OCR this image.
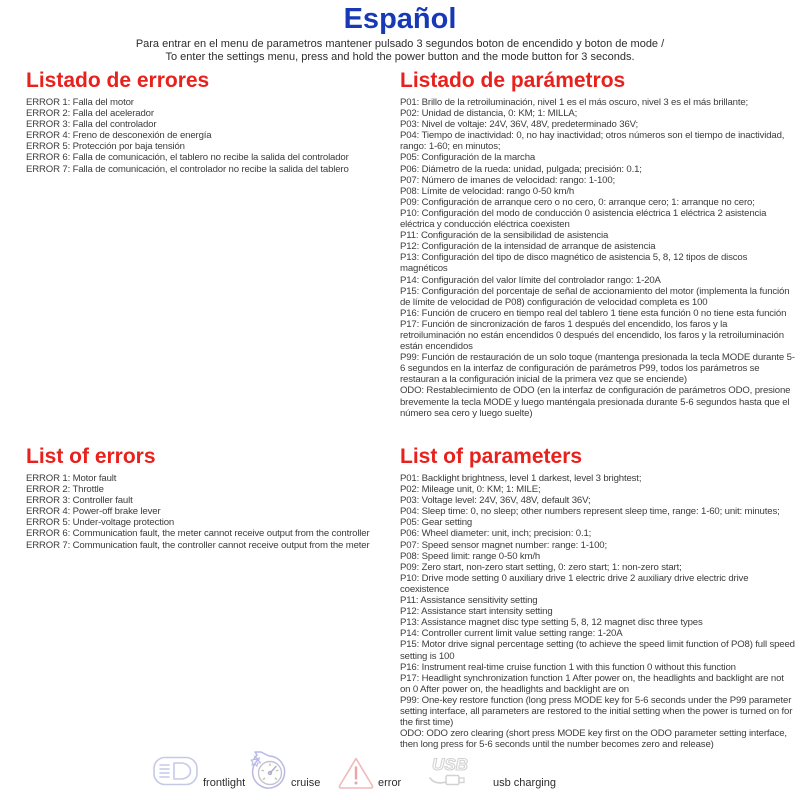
Español
Para entrar en el menu de parametros mantener pulsado 3 segundos boton de encendido y boton de mode /
To enter the settings menu, press and hold the power button and the mode button for 3 seconds.
Listado de errores
ERROR 1: Falla del motor
ERROR 2: Falla del acelerador
ERROR 3: Falla del controlador
ERROR 4: Freno de desconexión de energía
ERROR 5: Protección por baja tensión
ERROR 6: Falla de comunicación, el tablero no recibe la salida del controlador
ERROR 7: Falla de comunicación, el controlador no recibe la salida del tablero
Listado de parámetros
P01: Brillo de la retroiluminación, nivel 1 es el más oscuro, nivel 3 es el más brillante;
P02: Unidad de distancia, 0: KM; 1: MILLA;
P03: Nivel de voltaje: 24V, 36V, 48V, predeterminado 36V;
P04: Tiempo de inactividad: 0, no hay inactividad; otros números son el tiempo de inactividad, rango: 1-60; en minutos;
P05: Configuración de la marcha
P06: Diámetro de la rueda: unidad, pulgada; precisión: 0.1;
P07: Número de imanes de velocidad: rango: 1-100;
P08: Límite de velocidad: rango 0-50 km/h
P09: Configuración de arranque cero o no cero, 0: arranque cero; 1: arranque no cero;
P10: Configuración del modo de conducción 0 asistencia eléctrica 1 eléctrica 2 asistencia eléctrica y conducción eléctrica coexisten
P11: Configuración de la sensibilidad de asistencia
P12: Configuración de la intensidad de arranque de asistencia
P13: Configuración del tipo de disco magnético de asistencia 5, 8, 12 tipos de discos magnéticos
P14: Configuración del valor límite del controlador rango: 1-20A
P15: Configuración del porcentaje de señal de accionamiento del motor (implementa la función de límite de velocidad de P08) configuración de velocidad completa es 100
P16: Función de crucero en tiempo real del tablero 1 tiene esta función 0 no tiene esta función
P17: Función de sincronización de faros 1 después del encendido, los faros y la retroiluminación no están encendidos 0 después del encendido, los faros y la retroiluminación están encendidos
P99: Función de restauración de un solo toque (mantenga presionada la tecla MODE durante 5-6 segundos en la interfaz de configuración de parámetros P99, todos los parámetros se restauran a la configuración inicial de la primera vez que se enciende)
ODO: Restablecimiento de ODO (en la interfaz de configuración de parámetros ODO, presione brevemente la tecla MODE y luego manténgala presionada durante 5-6 segundos hasta que el número sea cero y luego suelte)
List of errors
ERROR 1: Motor fault
ERROR 2: Throttle
ERROR 3: Controller fault
ERROR 4: Power-off brake lever
ERROR 5: Under-voltage protection
ERROR 6: Communication fault, the meter cannot receive output from the controller
ERROR 7: Communication fault, the controller cannot receive output from the meter
List of parameters
P01: Backlight brightness, level 1 darkest, level 3 brightest;
P02: Mileage unit, 0: KM; 1: MILE;
P03: Voltage level: 24V, 36V, 48V, default 36V;
P04: Sleep time: 0, no sleep; other numbers represent sleep time, range: 1-60; unit: minutes;
P05: Gear setting
P06: Wheel diameter: unit, inch; precision: 0.1;
P07: Speed sensor magnet number: range: 1-100;
P08: Speed limit: range 0-50 km/h
P09: Zero start, non-zero start setting, 0: zero start; 1: non-zero start;
P10: Drive mode setting 0 auxiliary drive 1 electric drive 2 auxiliary drive electric drive coexistence
P11: Assistance sensitivity setting
P12: Assistance start intensity setting
P13: Assistance magnet disc type setting 5, 8, 12 magnet disc three types
P14: Controller current limit value setting range: 1-20A
P15: Motor drive signal percentage setting (to achieve the speed limit function of PO8) full speed setting is 100
P16: Instrument real-time cruise function 1 with this function 0 without this function
P17: Headlight synchronization function 1 After power on, the headlights and backlight are not on 0 After power on, the headlights and backlight are on
P99: One-key restore function (long press MODE key for 5-6 seconds under the P99 parameter setting interface, all parameters are restored to the initial setting when the power is turned on for the first time)
ODO: ODO zero clearing (short press MODE key first on the ODO parameter setting interface, then long press for 5-6 seconds until the number becomes zero and release)
frontlight	cruise	error
USB
usb charging
